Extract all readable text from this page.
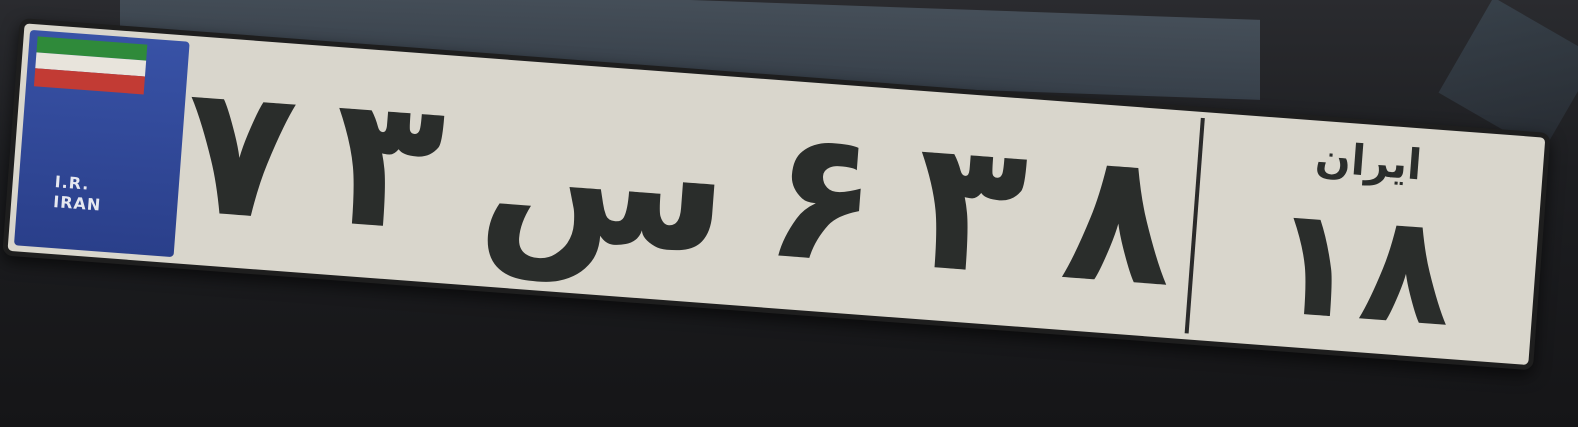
I.R.
IRAN ۷ ۳ س ۶ ۳ ۸	ایران
۱۸
